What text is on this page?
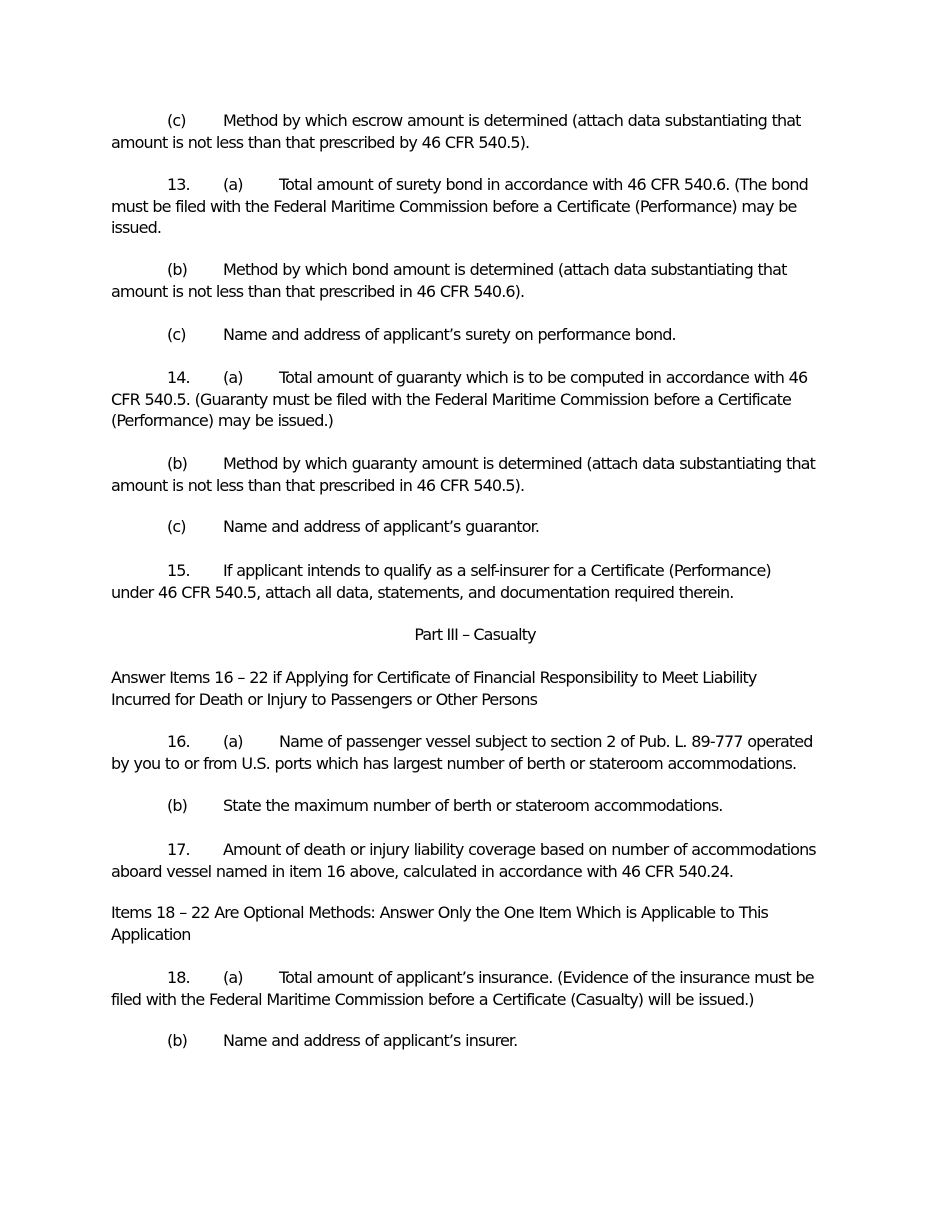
(c) Method by which escrow amount is determined (attach data substantiating that
amount is not less than that prescribed by 46 CFR 540.5).
13. (a) Total amount of surety bond in accordance with 46 CFR 540.6. (The bond
must be filed with the Federal Maritime Commission before a Certificate (Performance) may be
issued.
(b) Method by which bond amount is determined (attach data substantiating that
amount is not less than that prescribed in 46 CFR 540.6).
(c) Name and address of applicant’s surety on performance bond.
14. (a) Total amount of guaranty which is to be computed in accordance with 46
CFR 540.5. (Guaranty must be filed with the Federal Maritime Commission before a Certificate
(Performance) may be issued.)
(b) Method by which guaranty amount is determined (attach data substantiating that
amount is not less than that prescribed in 46 CFR 540.5).
(c) Name and address of applicant’s guarantor.
15. If applicant intends to qualify as a self-insurer for a Certificate (Performance)
under 46 CFR 540.5, attach all data, statements, and documentation required therein.
Part III – Casualty
Answer Items 16 – 22 if Applying for Certificate of Financial Responsibility to Meet Liability
Incurred for Death or Injury to Passengers or Other Persons
16. (a) Name of passenger vessel subject to section 2 of Pub. L. 89-777 operated
by you to or from U.S. ports which has largest number of berth or stateroom accommodations.
(b) State the maximum number of berth or stateroom accommodations.
17. Amount of death or injury liability coverage based on number of accommodations
aboard vessel named in item 16 above, calculated in accordance with 46 CFR 540.24.
Items 18 – 22 Are Optional Methods: Answer Only the One Item Which is Applicable to This
Application
18. (a) Total amount of applicant’s insurance. (Evidence of the insurance must be
filed with the Federal Maritime Commission before a Certificate (Casualty) will be issued.)
(b) Name and address of applicant’s insurer.
